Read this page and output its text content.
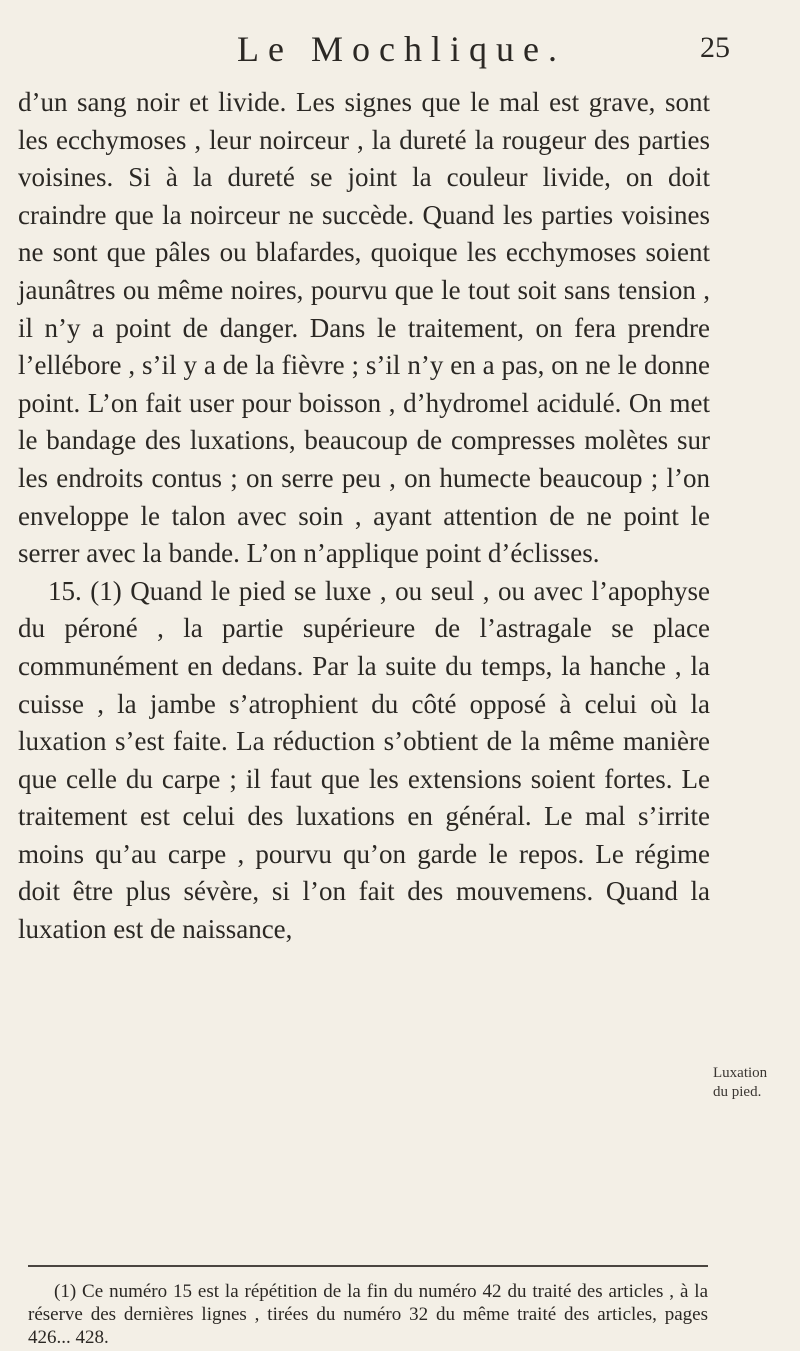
Le Mochlique.	25

d’un sang noir et livide. Les signes que le mal est grave, sont les ecchymoses , leur noirceur , la dureté la rougeur des parties voisines. Si à la dureté se joint la couleur livide, on doit craindre que la noirceur ne succède. Quand les parties voisines ne sont que pâles ou blafardes, quoique les ecchymoses soient jaunâtres ou même noires, pourvu que le tout soit sans tension , il n’y a point de danger. Dans le traitement, on fera prendre l’ellébore , s’il y a de la fièvre ; s’il n’y en a pas, on ne le donne point. L’on fait user pour boisson , d’hydromel acidulé. On met le bandage des luxations, beaucoup de compresses molètes sur les endroits contus ; on serre peu , on humecte beaucoup ; l’on enveloppe le talon avec soin , ayant attention de ne point le serrer avec la bande. L’on n’applique point d’éclisses.

15. (1) Quand le pied se luxe , ou seul , ou avec l’apophyse du péroné , la partie supérieure de l’astragale se place communément en dedans. Par la suite du temps, la hanche , la cuisse , la jambe s’atrophient du côté opposé à celui où la luxation s’est faite. La réduction s’obtient de la même manière que celle du carpe ; il faut que les extensions soient fortes. Le traitement est celui des luxations en général. Le mal s’irrite moins qu’au carpe , pourvu qu’on garde le repos. Le régime doit être plus sévère, si l’on fait des mouvemens. Quand la luxation est de naissance,

Luxation
du pied.

(1) Ce numéro 15 est la répétition de la fin du numéro 42 du traité des articles , à la réserve des dernières lignes , tirées du numéro 32 du même traité des articles, pages 426... 428.
